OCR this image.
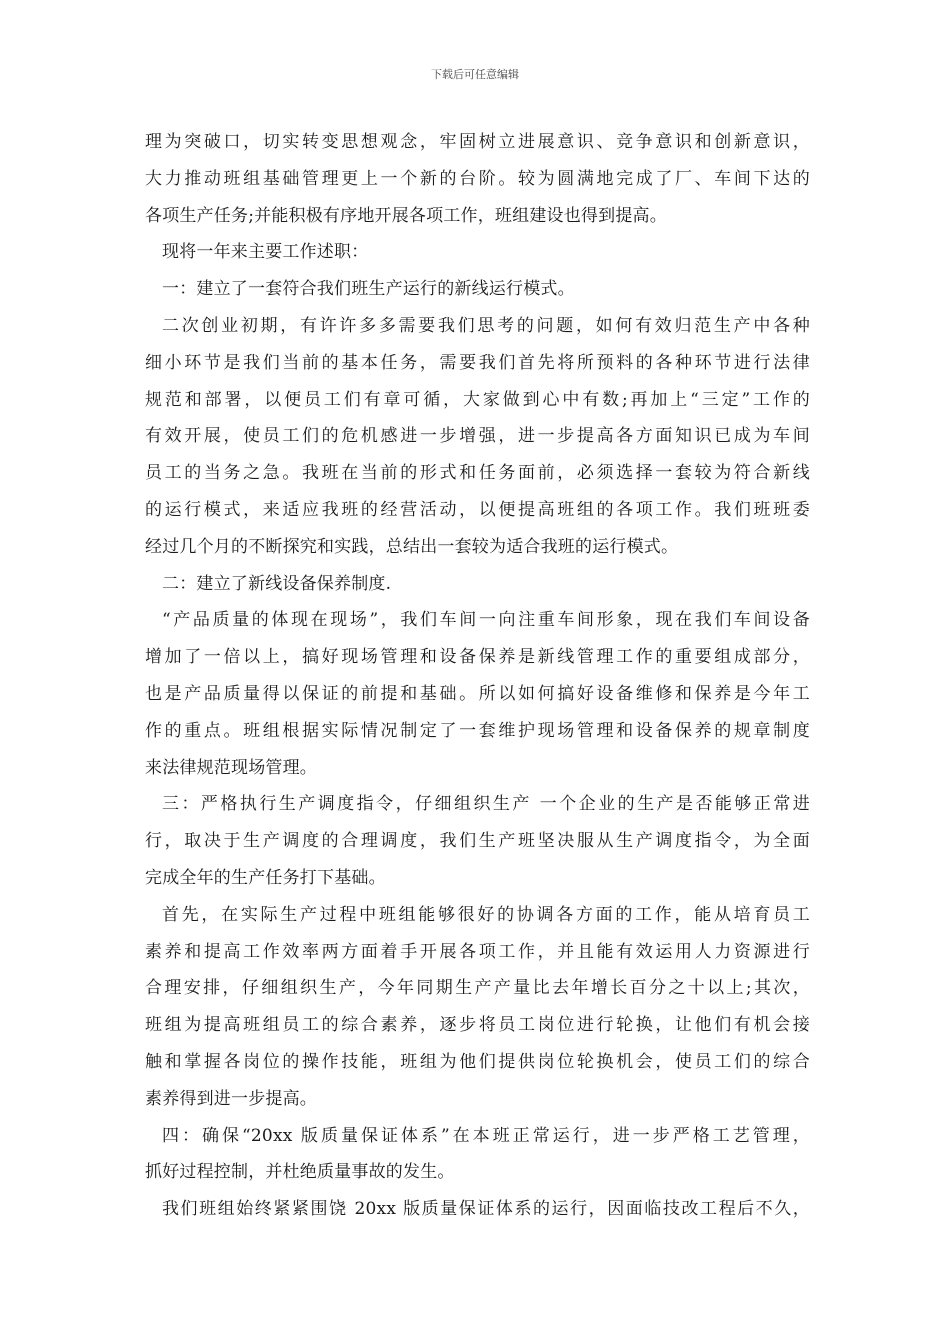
下载后可任意编辑
理为突破口，切实转变思想观念，牢固树立进展意识、竞争意识和创新意识，
大力推动班组基础管理更上一个新的台阶。较为圆满地完成了厂、车间下达的
各项生产任务;并能积极有序地开展各项工作，班组建设也得到提高。
现将一年来主要工作述职：
一：建立了一套符合我们班生产运行的新线运行模式。
二次创业初期，有许许多多需要我们思考的问题，如何有效归范生产中各种
细小环节是我们当前的基本任务，需要我们首先将所预料的各种环节进行法律
规范和部署，以便员工们有章可循，大家做到心中有数;再加上“三定”工作的
有效开展，使员工们的危机感进一步增强，进一步提高各方面知识已成为车间
员工的当务之急。我班在当前的形式和任务面前，必须选择一套较为符合新线
的运行模式，来适应我班的经营活动，以便提高班组的各项工作。我们班班委
经过几个月的不断探究和实践，总结出一套较为适合我班的运行模式。
二：建立了新线设备保养制度.
“产品质量的体现在现场”，我们车间一向注重车间形象，现在我们车间设备
增加了一倍以上，搞好现场管理和设备保养是新线管理工作的重要组成部分，
也是产品质量得以保证的前提和基础。所以如何搞好设备维修和保养是今年工
作的重点。班组根据实际情况制定了一套维护现场管理和设备保养的规章制度
来法律规范现场管理。
三：严格执行生产调度指令，仔细组织生产 一个企业的生产是否能够正常进
行，取决于生产调度的合理调度，我们生产班坚决服从生产调度指令，为全面
完成全年的生产任务打下基础。
首先，在实际生产过程中班组能够很好的协调各方面的工作，能从培育员工
素养和提高工作效率两方面着手开展各项工作，并且能有效运用人力资源进行
合理安排，仔细组织生产，今年同期生产产量比去年增长百分之十以上;其次，
班组为提高班组员工的综合素养，逐步将员工岗位进行轮换，让他们有机会接
触和掌握各岗位的操作技能，班组为他们提供岗位轮换机会，使员工们的综合
素养得到进一步提高。
四：确保“20xx 版质量保证体系”在本班正常运行，进一步严格工艺管理，
抓好过程控制，并杜绝质量事故的发生。
我们班组始终紧紧围饶 20xx 版质量保证体系的运行，因面临技改工程后不久，
